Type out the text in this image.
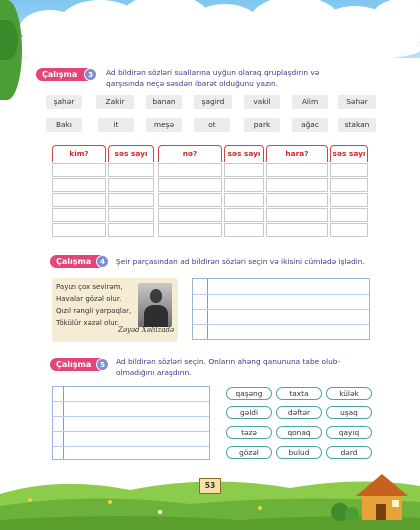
Çalışma	3	Ad bildirən sözləri suallarına uyğun olaraq qruplaşdırın və
qarşısında neçə səsdən ibarət olduğunu yazın.
şahər	Zakir	banan	şagird	vakil	Alim	Səhər
Bakı	it	meşə	ot	park	ağac	stakan
kim?	səs sayı	nə?	səs sayı	hara?	səs sayı
Çalışma	4	Şeir parçasından ad bildirən sözləri seçin və ikisini cümlədə işlədin.
Payızı çox sevirəm,
Havalar gözəl olur.
Qızıl rəngli yarpaqlar,
Tökülür xəzəl olur.
Zəyəd Xəlilzadə
Çalışma	5	Ad bildirən sözləri seçin. Onların ahəng qanununa tabe olub-
olmadığını araşdırın.
qaşəng	taxta	külək
gəldi	dəftər	uşaq
təzə	qonaq	qayıq
gözəl	bulud	dərd
53
